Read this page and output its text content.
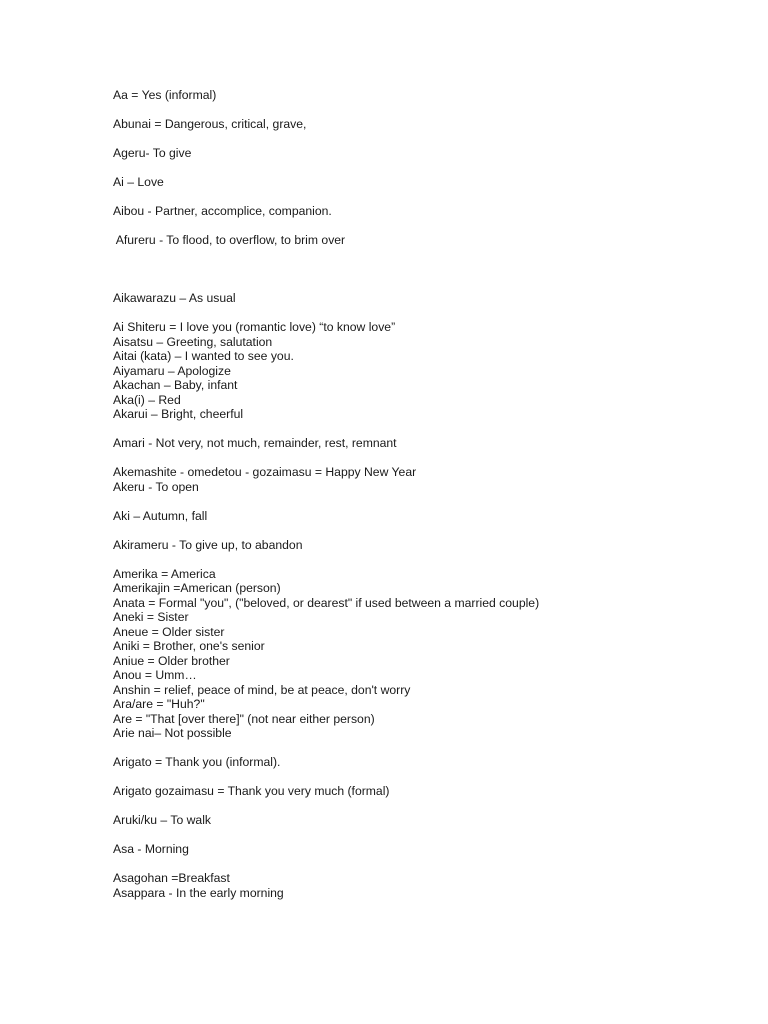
Aa = Yes (informal)
Abunai = Dangerous, critical, grave,
Ageru- To give
Ai – Love
Aibou - Partner, accomplice, companion.
Afureru - To flood, to overflow, to brim over
Aikawarazu – As usual
Ai Shiteru = I love you (romantic love) “to know love”
Aisatsu – Greeting, salutation
Aitai (kata) – I wanted to see you.
Aiyamaru – Apologize
Akachan – Baby, infant
Aka(i) – Red
Akarui – Bright, cheerful
Amari - Not very, not much, remainder, rest, remnant
Akemashite - omedetou - gozaimasu = Happy New Year
Akeru - To open
Aki – Autumn, fall
Akirameru - To give up, to abandon
Amerika = America
Amerikajin =American (person)
Anata = Formal "you", ("beloved, or dearest" if used between a married couple)
Aneki = Sister
Aneue = Older sister
Aniki = Brother, one's senior
Aniue = Older brother
Anou = Umm…
Anshin = relief, peace of mind, be at peace, don't worry
Ara/are = "Huh?"
Are = "That [over there]" (not near either person)
Arie nai– Not possible
Arigato = Thank you (informal).
Arigato gozaimasu = Thank you very much (formal)
Aruki/ku – To walk
Asa - Morning
Asagohan =Breakfast
Asappara - In the early morning
